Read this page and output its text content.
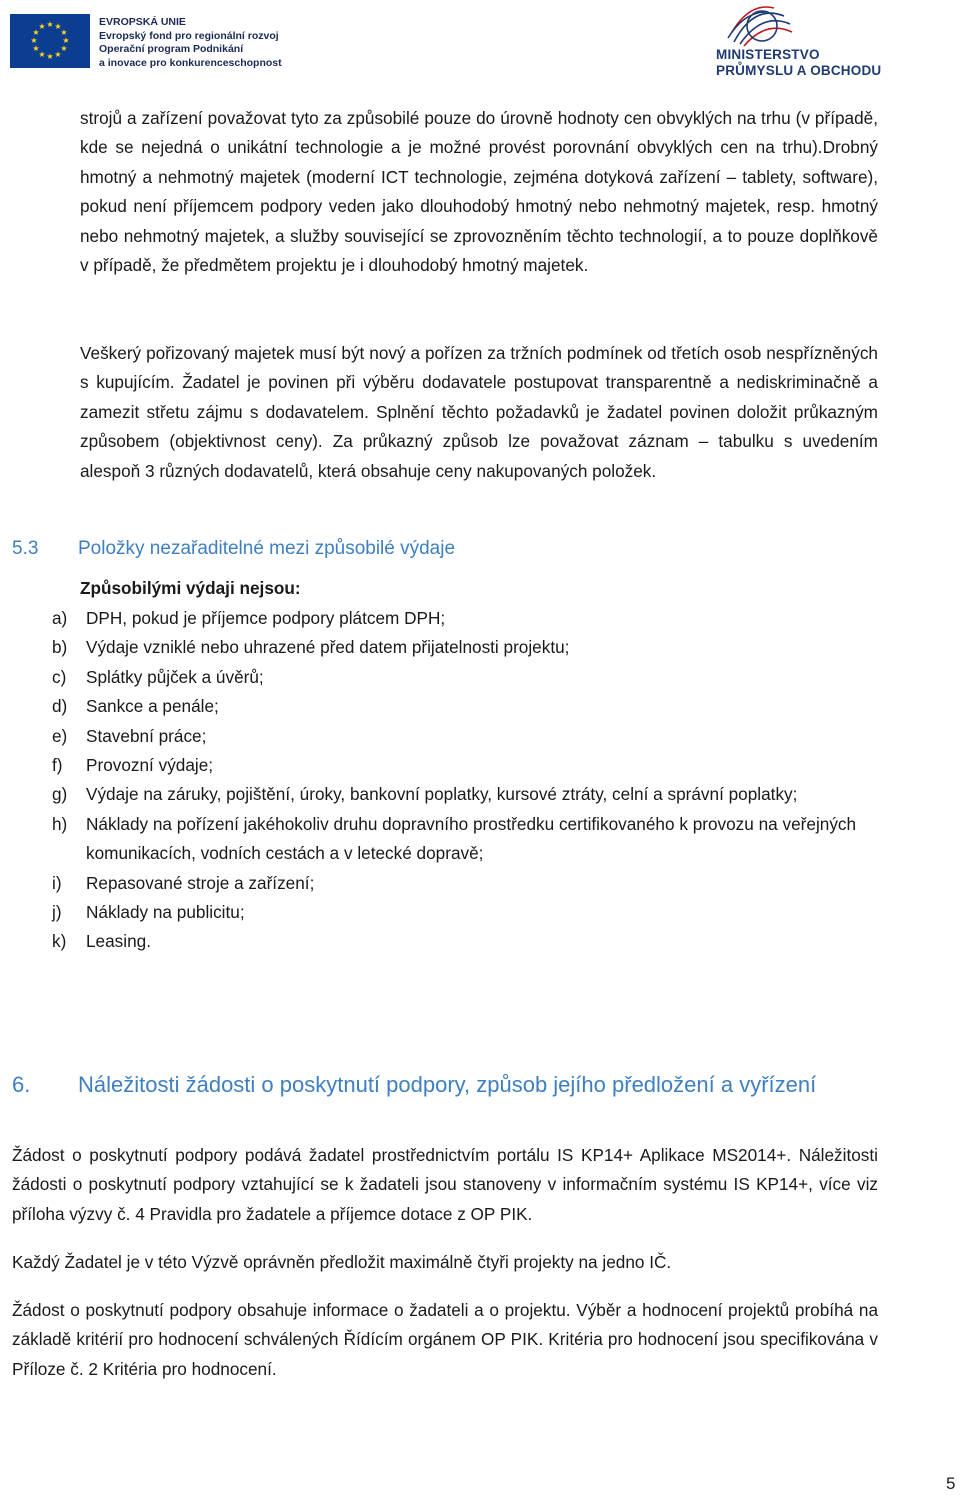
★ ★
★
★
★
★
★
★
★
★
★
★	EVROPSKÁ UNIE
Evropský fond pro regionální rozvoj
Operační program Podnikání
a inovace pro konkurenceschopnost
MINISTERSTVO
PRŮMYSLU A OBCHODU

strojů a zařízení považovat tyto za způsobilé pouze do úrovně hodnoty cen obvyklých na trhu (v případě, kde se nejedná o unikátní technologie a je možné provést porovnání obvyklých cen na trhu).Drobný hmotný a nehmotný majetek (moderní ICT technologie, zejména dotyková zařízení – tablety, software), pokud není příjemcem podpory veden jako dlouhodobý hmotný nebo nehmotný majetek, resp. hmotný nebo nehmotný majetek, a služby související se zprovozněním těchto technologií, a to pouze doplňkově v případě, že předmětem projektu je i dlouhodobý hmotný majetek.

Veškerý pořizovaný majetek musí být nový a pořízen za tržních podmínek od třetích osob nespřízněných s kupujícím. Žadatel je povinen při výběru dodavatele postupovat transparentně a nediskriminačně a zamezit střetu zájmu s dodavatelem. Splnění těchto požadavků je žadatel povinen doložit průkazným způsobem (objektivnost ceny). Za průkazný způsob lze považovat záznam – tabulku s uvedením alespoň 3 různých dodavatelů, která obsahuje ceny nakupovaných položek.

5.3 Položky nezařaditelné mezi způsobilé výdaje
Způsobilými výdaji nejsou:
a) DPH, pokud je příjemce podpory plátcem DPH;
b) Výdaje vzniklé nebo uhrazené před datem přijatelnosti projektu;
c) Splátky půjček a úvěrů;
d) Sankce a penále;
e) Stavební práce;
f) Provozní výdaje;
g) Výdaje na záruky, pojištění, úroky, bankovní poplatky, kursové ztráty, celní a správní poplatky;
h) Náklady na pořízení jakéhokoliv druhu dopravního prostředku certifikovaného k provozu na veřejných komunikacích, vodních cestách a v letecké dopravě;
i) Repasované stroje a zařízení;
j) Náklady na publicitu;
k) Leasing.
6. Náležitosti žádosti o poskytnutí podpory, způsob jejího předložení a vyřízení

Žádost o poskytnutí podpory podává žadatel prostřednictvím portálu IS KP14+ Aplikace MS2014+. Náležitosti žádosti o poskytnutí podpory vztahující se k žadateli jsou stanoveny v informačním systému IS KP14+, více viz příloha výzvy č. 4 Pravidla pro žadatele a příjemce dotace z OP PIK.

Každý Žadatel je v této Výzvě oprávněn předložit maximálně čtyři projekty na jedno IČ.

Žádost o poskytnutí podpory obsahuje informace o žadateli a o projektu. Výběr a hodnocení projektů probíhá na základě kritérií pro hodnocení schválených Řídícím orgánem OP PIK. Kritéria pro hodnocení jsou specifikována v Příloze č. 2 Kritéria pro hodnocení.

5
